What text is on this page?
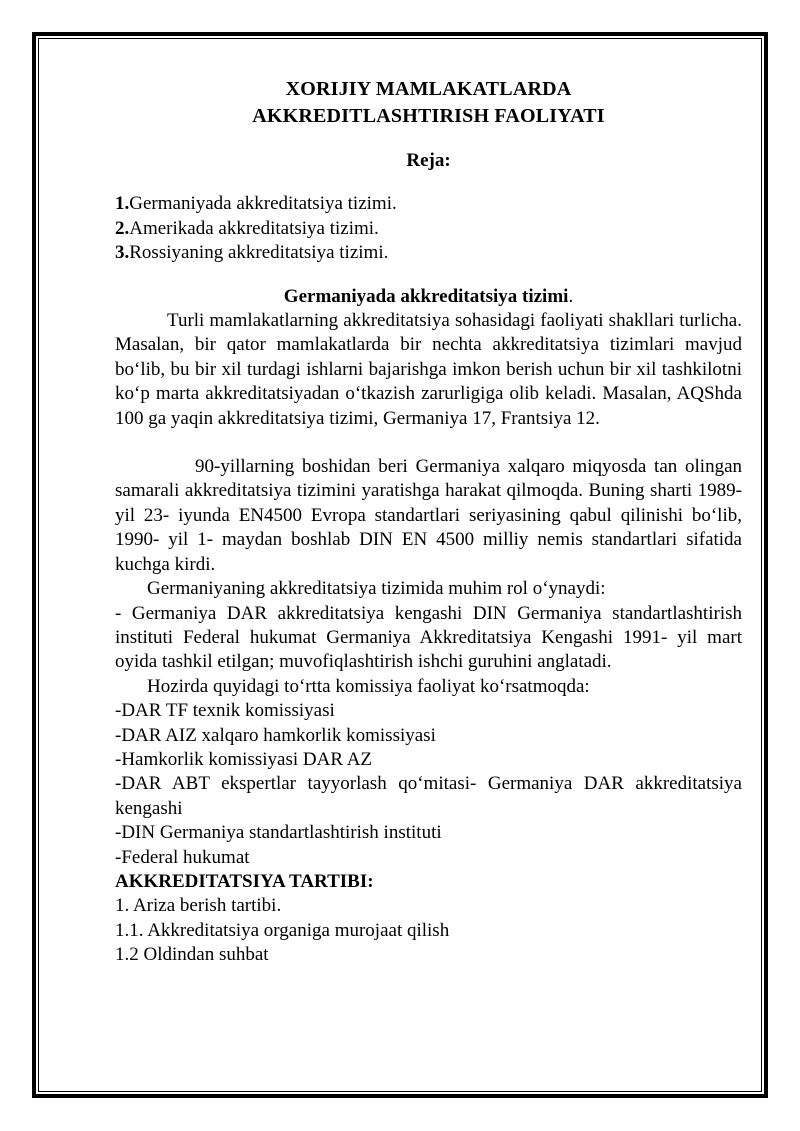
XORIJIY MAMLAKATLARDA
AKKREDITLASHTIRISH FAOLIYATI
Reja:
1.Germaniyada akkreditatsiya tizimi.
2.Amerikada akkreditatsiya tizimi.
3.Rossiyaning akkreditatsiya tizimi.
Germaniyada akkreditatsiya tizimi.

Turli mamlakatlarning akkreditatsiya sohasidagi faoliyati shakllari turlicha. Masalan, bir qator mamlakatlarda bir nechta akkreditatsiya tizimlari mavjud bo‘lib, bu bir xil turdagi ishlarni bajarishga imkon berish uchun bir xil tashkilotni ko‘p marta akkreditatsiyadan o‘tkazish zarurligiga olib keladi. Masalan, AQShda 100 ga yaqin akkreditatsiya tizimi, Germaniya 17, Frantsiya 12.

90-yillarning boshidan beri Germaniya xalqaro miqyosda tan olingan samarali akkreditatsiya tizimini yaratishga harakat qilmoqda. Buning sharti 1989-yil 23- iyunda EN4500 Evropa standartlari seriyasining qabul qilinishi bo‘lib, 1990- yil 1- maydan boshlab DIN EN 4500 milliy nemis standartlari sifatida kuchga kirdi.

Germaniyaning akkreditatsiya tizimida muhim rol o‘ynaydi:

- Germaniya DAR akkreditatsiya kengashi DIN Germaniya standartlashtirish instituti Federal hukumat Germaniya Akkreditatsiya Kengashi 1991- yil mart oyida tashkil etilgan; muvofiqlashtirish ishchi guruhini anglatadi.

Hozirda quyidagi to‘rtta komissiya faoliyat ko‘rsatmoqda:

-DAR TF texnik komissiyasi

-DAR AIZ xalqaro hamkorlik komissiyasi

-Hamkorlik komissiyasi DAR AZ

-DAR ABT ekspertlar tayyorlash qo‘mitasi- Germaniya DAR akkreditatsiya kengashi

-DIN Germaniya standartlashtirish instituti

-Federal hukumat

AKKREDITATSIYA TARTIBI:

1. Ariza berish tartibi.

1.1. Akkreditatsiya organiga murojaat qilish

1.2 Oldindan suhbat
